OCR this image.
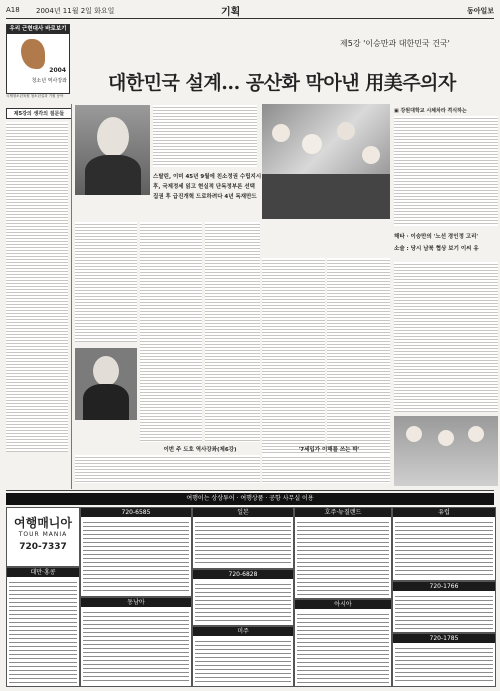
A18 2004년 11월 2일 화요일	기획	동아일보
우리 근현대사 바로보기
2004
청소년 역사강좌
국제청소년육원 청소년실과 기원 동아
제5강 '이승만과 대한민국 건국'
대한민국 설계… 공산화 막아낸 用美주의자
제5강의 생각의 질문들	▣ 강원대학교 시체차라 격식하는
해타 · 이승만의 '노선 경인정 고리'
소술 : 당시 남북 협상 보기 이씨 유
스탈린, 이미 45년 9월에 친소정권 수립지시
후, 국제정세 읽고 현실적 단독정부론 선택
집권 후 급진개혁 드로하려다 4년 독재만드
이번 주 도호 역사강좌(제6강)	'7세입가 이해를 쓰는 박'
여행이는 상상투어 · 여행상품 · 공항 사무실 이용
여행매니아
TOUR MANIA
720-7337
대만·홍콩
720-6585
동남아
일본
720-6828
미주
호주·뉴질랜드
아시아
유럽
720-1766
720-1785
